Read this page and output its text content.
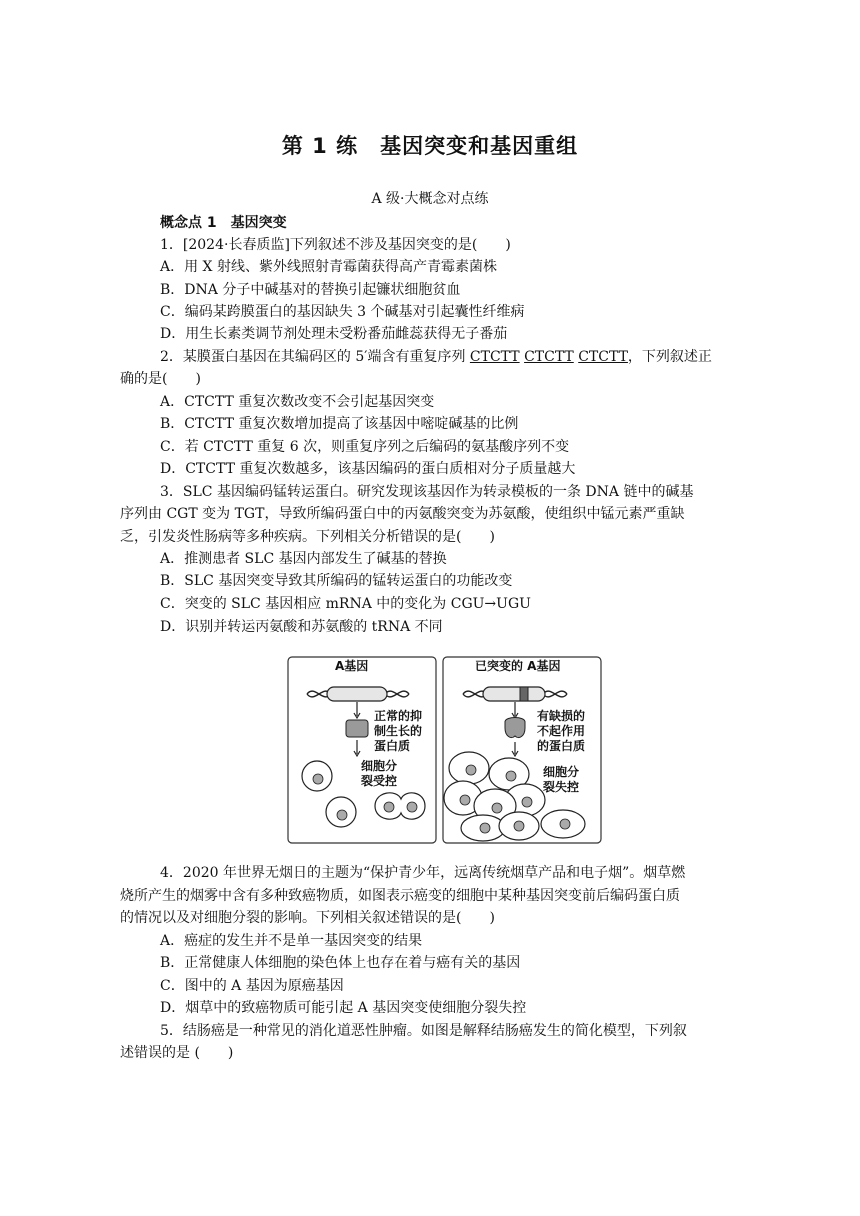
第 1 练　基因突变和基因重组
A 级·大概念对点练
概念点 1　基因突变
1．[2024·长春质监]下列叙述不涉及基因突变的是(　　)
A．用 X 射线、紫外线照射青霉菌获得高产青霉素菌株
B．DNA 分子中碱基对的替换引起镰状细胞贫血
C．编码某跨膜蛋白的基因缺失 3 个碱基对引起囊性纤维病
D．用生长素类调节剂处理未受粉番茄雌蕊获得无子番茄
2．某膜蛋白基因在其编码区的 5′端含有重复序列 CTCTT CTCTT CTCTT，下列叙述正
确的是(　　)
A．CTCTT 重复次数改变不会引起基因突变
B．CTCTT 重复次数增加提高了该基因中嘧啶碱基的比例
C．若 CTCTT 重复 6 次，则重复序列之后编码的氨基酸序列不变
D．CTCTT 重复次数越多，该基因编码的蛋白质相对分子质量越大
3．SLC 基因编码锰转运蛋白。研究发现该基因作为转录模板的一条 DNA 链中的碱基
序列由 CGT 变为 TGT，导致所编码蛋白中的丙氨酸突变为苏氨酸，使组织中锰元素严重缺
乏，引发炎性肠病等多种疾病。下列相关分析错误的是(　　)
A．推测患者 SLC 基因内部发生了碱基的替换
B．SLC 基因突变导致其所编码的锰转运蛋白的功能改变
C．突变的 SLC 基因相应 mRNA 中的变化为 CGU→UGU
D．识别并转运丙氨酸和苏氨酸的 tRNA 不同
A基因
正常的抑
制生长的
蛋白质
细胞分
裂受控
已突变的 A基因
有缺损的
不起作用
的蛋白质
细胞分
裂失控
4．2020 年世界无烟日的主题为“保护青少年，远离传统烟草产品和电子烟”。烟草燃
烧所产生的烟雾中含有多种致癌物质，如图表示癌变的细胞中某种基因突变前后编码蛋白质
的情况以及对细胞分裂的影响。下列相关叙述错误的是(　　)
A．癌症的发生并不是单一基因突变的结果
B．正常健康人体细胞的染色体上也存在着与癌有关的基因
C．图中的 A 基因为原癌基因
D．烟草中的致癌物质可能引起 A 基因突变使细胞分裂失控
5．结肠癌是一种常见的消化道恶性肿瘤。如图是解释结肠癌发生的简化模型，下列叙
述错误的是 (　　)
